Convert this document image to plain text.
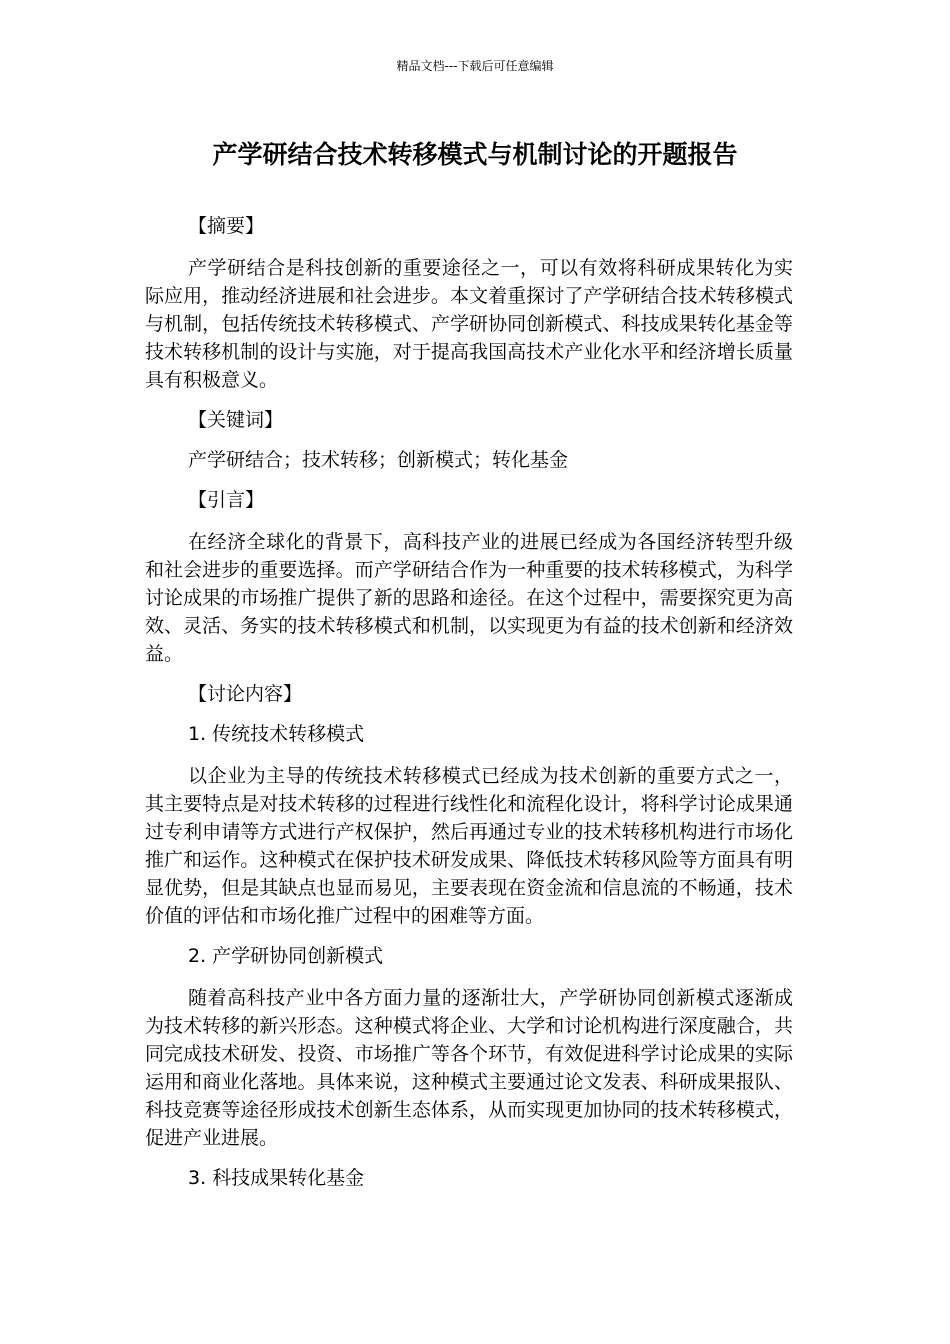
精品文档---下载后可任意编辑
产学研结合技术转移模式与机制讨论的开题报告

【摘要】

产学研结合是科技创新的重要途径之一，可以有效将科研成果转化为实际应用，推动经济进展和社会进步。本文着重探讨了产学研结合技术转移模式与机制，包括传统技术转移模式、产学研协同创新模式、科技成果转化基金等技术转移机制的设计与实施，对于提高我国高技术产业化水平和经济增长质量具有积极意义。

【关键词】

产学研结合；技术转移；创新模式；转化基金

【引言】

在经济全球化的背景下，高科技产业的进展已经成为各国经济转型升级和社会进步的重要选择。而产学研结合作为一种重要的技术转移模式，为科学讨论成果的市场推广提供了新的思路和途径。在这个过程中，需要探究更为高效、灵活、务实的技术转移模式和机制，以实现更为有益的技术创新和经济效益。

【讨论内容】

1. 传统技术转移模式

以企业为主导的传统技术转移模式已经成为技术创新的重要方式之一，其主要特点是对技术转移的过程进行线性化和流程化设计，将科学讨论成果通过专利申请等方式进行产权保护，然后再通过专业的技术转移机构进行市场化推广和运作。这种模式在保护技术研发成果、降低技术转移风险等方面具有明显优势，但是其缺点也显而易见，主要表现在资金流和信息流的不畅通，技术价值的评估和市场化推广过程中的困难等方面。

2. 产学研协同创新模式

随着高科技产业中各方面力量的逐渐壮大，产学研协同创新模式逐渐成为技术转移的新兴形态。这种模式将企业、大学和讨论机构进行深度融合，共同完成技术研发、投资、市场推广等各个环节，有效促进科学讨论成果的实际运用和商业化落地。具体来说，这种模式主要通过论文发表、科研成果报队、科技竞赛等途径形成技术创新生态体系，从而实现更加协同的技术转移模式，促进产业进展。

3. 科技成果转化基金
